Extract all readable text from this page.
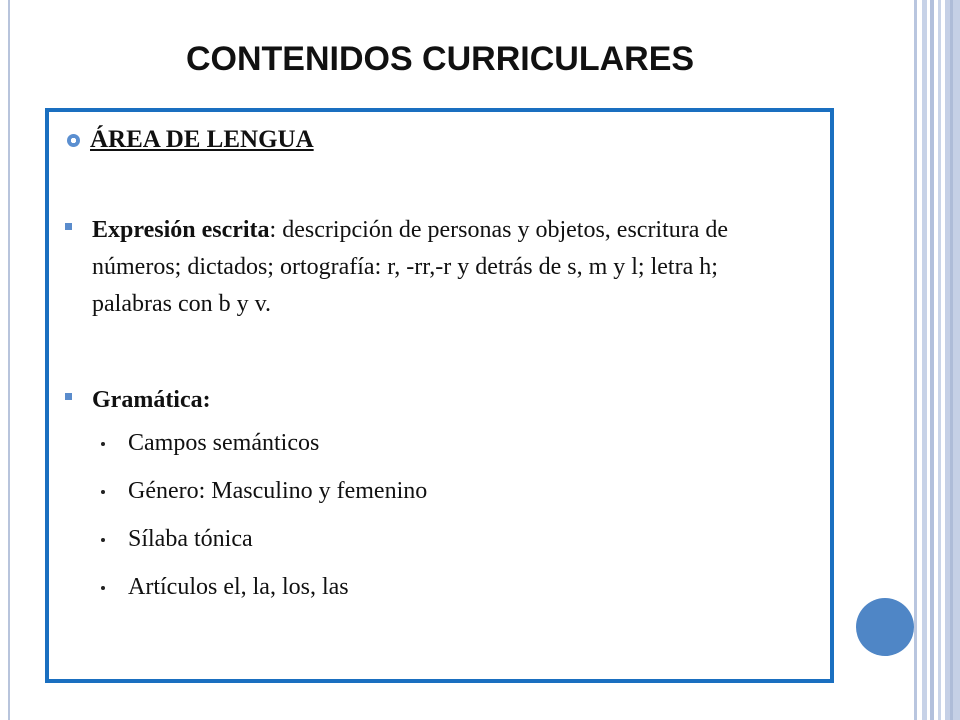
CONTENIDOS CURRICULARES
ÁREA DE LENGUA
Expresión escrita: descripción de personas y objetos, escritura de números; dictados; ortografía: r, -rr,-r y detrás de s, m y l; letra h; palabras con b y v.
Gramática:
Campos semánticos
Género: Masculino y femenino
Sílaba tónica
Artículos el, la, los, las
